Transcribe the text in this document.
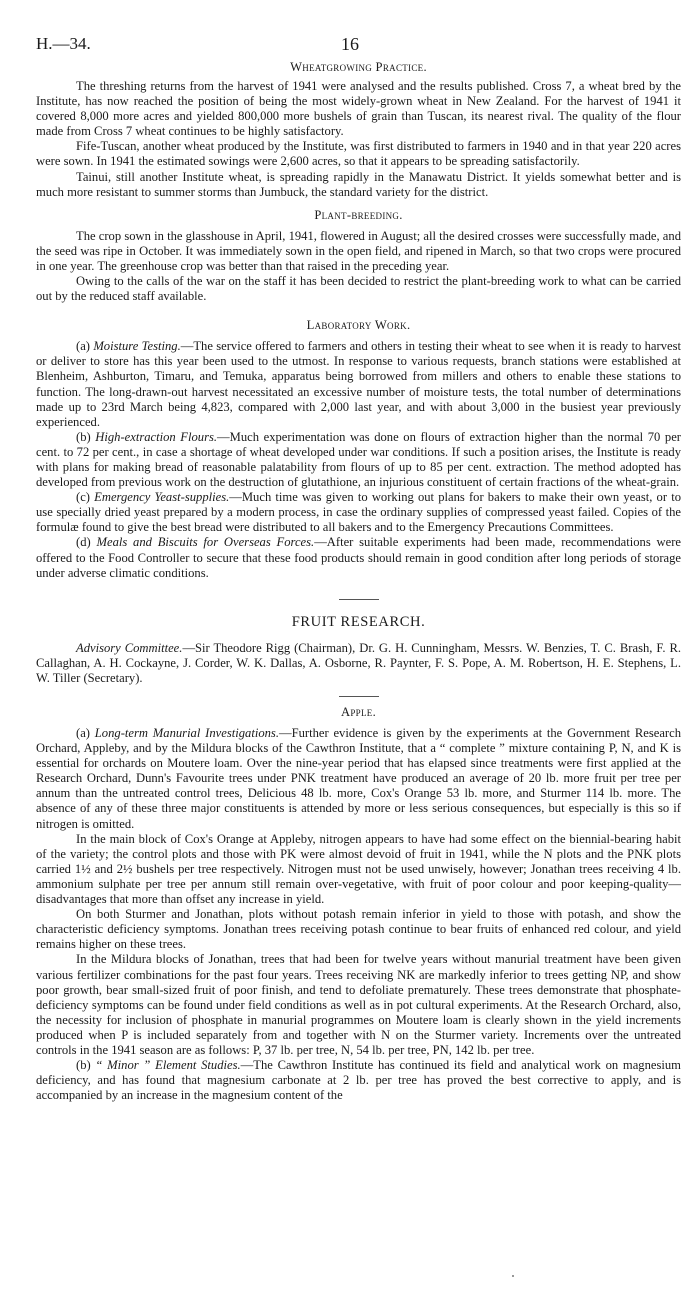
H.—34.	16
Wheatgrowing Practice.

The threshing returns from the harvest of 1941 were analysed and the results published. Cross 7, a wheat bred by the Institute, has now reached the position of being the most widely-grown wheat in New Zealand. For the harvest of 1941 it covered 8,000 more acres and yielded 800,000 more bushels of grain than Tuscan, its nearest rival. The quality of the flour made from Cross 7 wheat continues to be highly satisfactory.

Fife-Tuscan, another wheat produced by the Institute, was first distributed to farmers in 1940 and in that year 220 acres were sown. In 1941 the estimated sowings were 2,600 acres, so that it appears to be spreading satisfactorily.

Tainui, still another Institute wheat, is spreading rapidly in the Manawatu District. It yields somewhat better and is much more resistant to summer storms than Jumbuck, the standard variety for the district.

Plant-breeding.

The crop sown in the glasshouse in April, 1941, flowered in August; all the desired crosses were successfully made, and the seed was ripe in October. It was immediately sown in the open field, and ripened in March, so that two crops were procured in one year. The greenhouse crop was better than that raised in the preceding year.

Owing to the calls of the war on the staff it has been decided to restrict the plant-breeding work to what can be carried out by the reduced staff available.

Laboratory Work.

(a) Moisture Testing.—The service offered to farmers and others in testing their wheat to see when it is ready to harvest or deliver to store has this year been used to the utmost. In response to various requests, branch stations were established at Blenheim, Ashburton, Timaru, and Temuka, apparatus being borrowed from millers and others to enable these stations to function. The long-drawn-out harvest necessitated an excessive number of moisture tests, the total number of determinations made up to 23rd March being 4,823, compared with 2,000 last year, and with about 3,000 in the busiest year previously experienced.

(b) High-extraction Flours.—Much experimentation was done on flours of extraction higher than the normal 70 per cent. to 72 per cent., in case a shortage of wheat developed under war conditions. If such a position arises, the Institute is ready with plans for making bread of reasonable palatability from flours of up to 85 per cent. extraction. The method adopted has developed from previous work on the destruction of glutathione, an injurious constituent of certain fractions of the wheat-grain.

(c) Emergency Yeast-supplies.—Much time was given to working out plans for bakers to make their own yeast, or to use specially dried yeast prepared by a modern process, in case the ordinary supplies of compressed yeast failed. Copies of the formulæ found to give the best bread were distributed to all bakers and to the Emergency Precautions Committees.

(d) Meals and Biscuits for Overseas Forces.—After suitable experiments had been made, recommendations were offered to the Food Controller to secure that these food products should remain in good condition after long periods of storage under adverse climatic conditions.

FRUIT RESEARCH.

Advisory Committee.—Sir Theodore Rigg (Chairman), Dr. G. H. Cunningham, Messrs. W. Benzies, T. C. Brash, F. R. Callaghan, A. H. Cockayne, J. Corder, W. K. Dallas, A. Osborne, R. Paynter, F. S. Pope, A. M. Robertson, H. E. Stephens, L. W. Tiller (Secretary).

Apple.

(a) Long-term Manurial Investigations.—Further evidence is given by the experiments at the Government Research Orchard, Appleby, and by the Mildura blocks of the Cawthron Institute, that a “ complete ” mixture containing P, N, and K is essential for orchards on Moutere loam. Over the nine-year period that has elapsed since treatments were first applied at the Research Orchard, Dunn's Favourite trees under PNK treatment have produced an average of 20 lb. more fruit per tree per annum than the untreated control trees, Delicious 48 lb. more, Cox's Orange 53 lb. more, and Sturmer 114 lb. more. The absence of any of these three major constituents is attended by more or less serious consequences, but especially is this so if nitrogen is omitted.

In the main block of Cox's Orange at Appleby, nitrogen appears to have had some effect on the biennial-bearing habit of the variety; the control plots and those with PK were almost devoid of fruit in 1941, while the N plots and the PNK plots carried 1½ and 2½ bushels per tree respectively. Nitrogen must not be used unwisely, however; Jonathan trees receiving 4 lb. ammonium sulphate per tree per annum still remain over-vegetative, with fruit of poor colour and poor keeping-quality—disadvantages that more than offset any increase in yield.

On both Sturmer and Jonathan, plots without potash remain inferior in yield to those with potash, and show the characteristic deficiency symptoms. Jonathan trees receiving potash continue to bear fruits of enhanced red colour, and yield remains higher on these trees.

In the Mildura blocks of Jonathan, trees that had been for twelve years without manurial treatment have been given various fertilizer combinations for the past four years. Trees receiving NK are markedly inferior to trees getting NP, and show poor growth, bear small-sized fruit of poor finish, and tend to defoliate prematurely. These trees demonstrate that phosphate-deficiency symptoms can be found under field conditions as well as in pot cultural experiments. At the Research Orchard, also, the necessity for inclusion of phosphate in manurial programmes on Moutere loam is clearly shown in the yield increments produced when P is included separately from and together with N on the Sturmer variety. Increments over the untreated controls in the 1941 season are as follows: P, 37 lb. per tree, N, 54 lb. per tree, PN, 142 lb. per tree.

(b) “ Minor ” Element Studies.—The Cawthron Institute has continued its field and analytical work on magnesium deficiency, and has found that magnesium carbonate at 2 lb. per tree has proved the best corrective to apply, and is accompanied by an increase in the magnesium content of the
